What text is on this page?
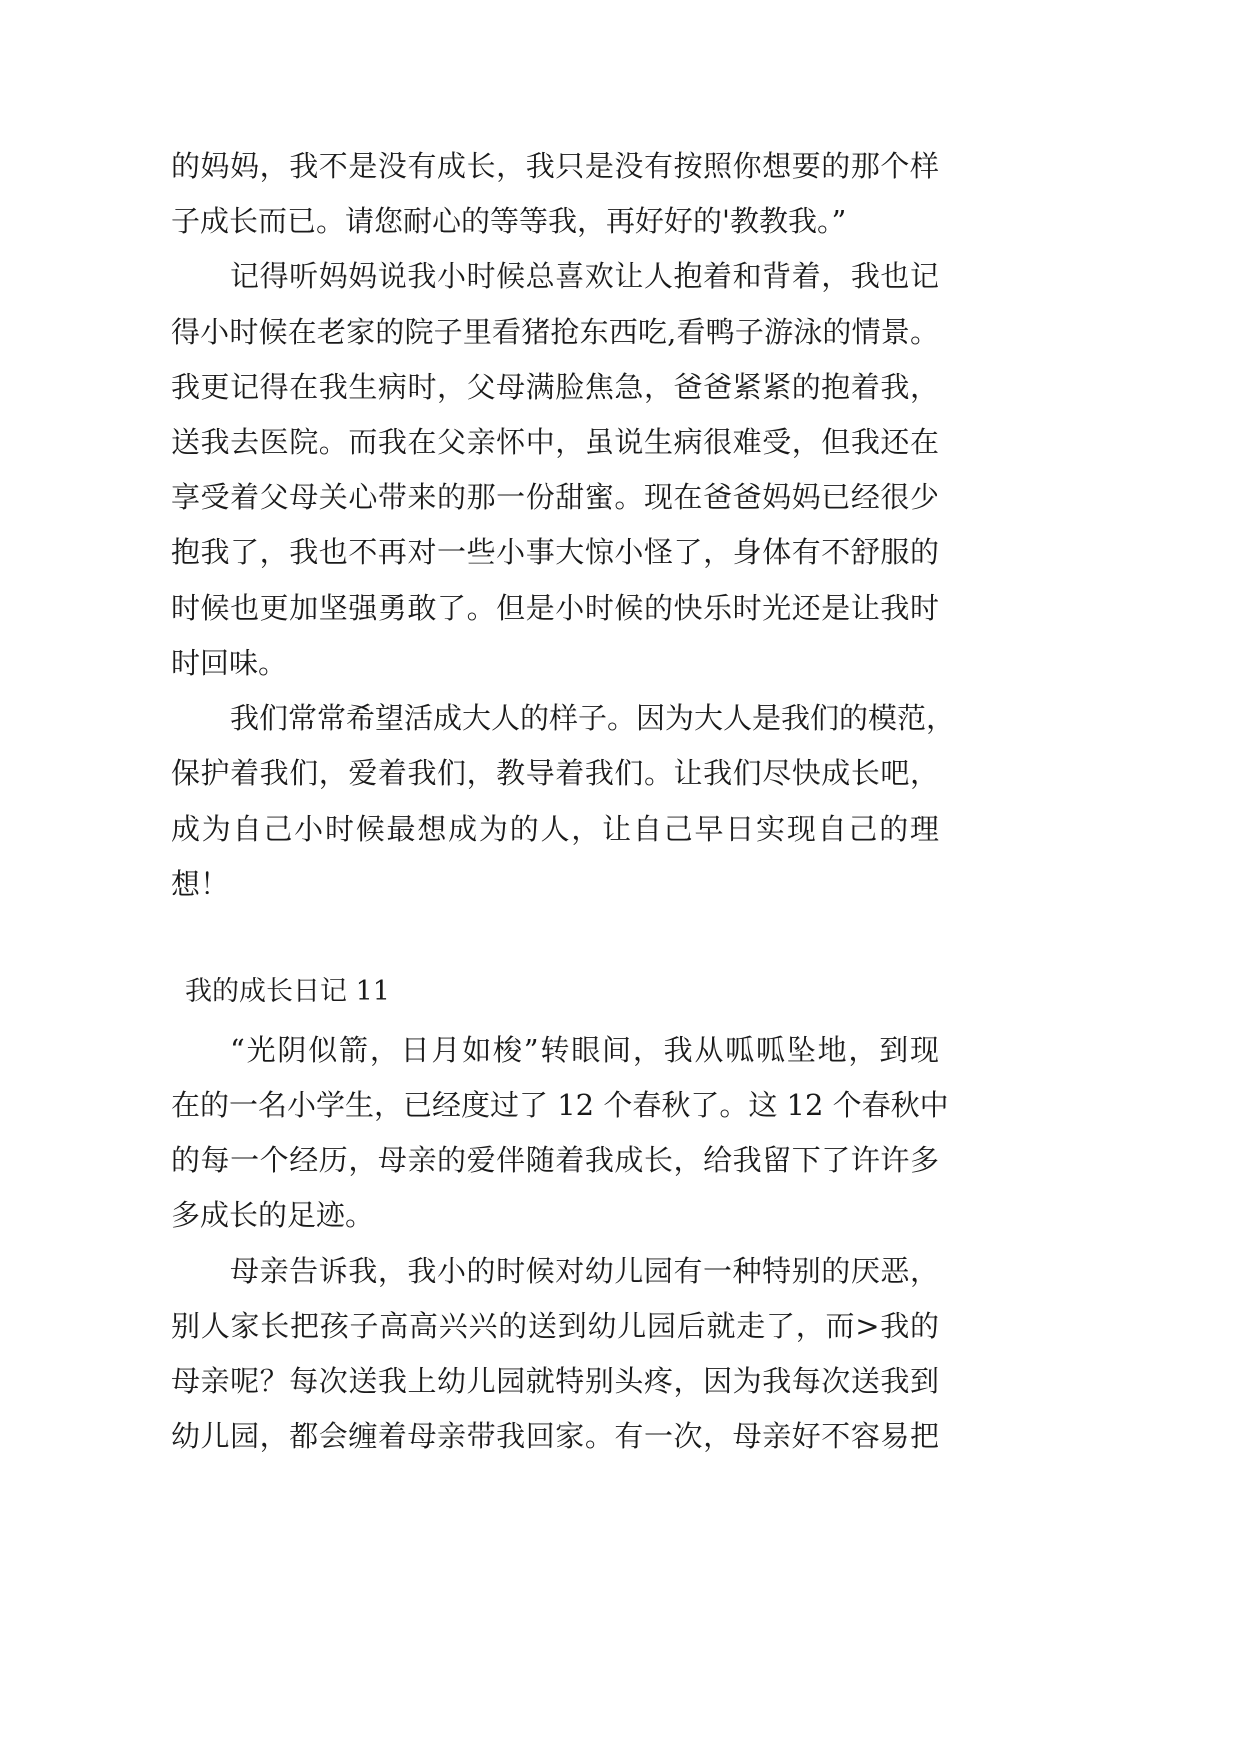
的妈妈，我不是没有成长，我只是没有按照你想要的那个样
子成长而已。请您耐心的等等我，再好好的'教教我。”
记得听妈妈说我小时候总喜欢让人抱着和背着，我也记
得小时候在老家的院子里看猪抢东西吃,看鸭子游泳的情景。
我更记得在我生病时，父母满脸焦急，爸爸紧紧的抱着我，
送我去医院。而我在父亲怀中，虽说生病很难受，但我还在
享受着父母关心带来的那一份甜蜜。现在爸爸妈妈已经很少
抱我了，我也不再对一些小事大惊小怪了，身体有不舒服的
时候也更加坚强勇敢了。但是小时候的快乐时光还是让我时
时回味。
我们常常希望活成大人的样子。因为大人是我们的模范，
保护着我们，爱着我们，教导着我们。让我们尽快成长吧，
成为自己小时候最想成为的人，让自己早日实现自己的理
想！
我的成长日记 11
“光阴似箭，日月如梭”转眼间，我从呱呱坠地，到现
在的一名小学生，已经度过了 12 个春秋了。这 12 个春秋中
的每一个经历，母亲的爱伴随着我成长，给我留下了许许多
多成长的足迹。
母亲告诉我，我小的时候对幼儿园有一种特别的厌恶，
别人家长把孩子高高兴兴的送到幼儿园后就走了，而>我的
母亲呢？每次送我上幼儿园就特别头疼，因为我每次送我到
幼儿园，都会缠着母亲带我回家。有一次，母亲好不容易把
